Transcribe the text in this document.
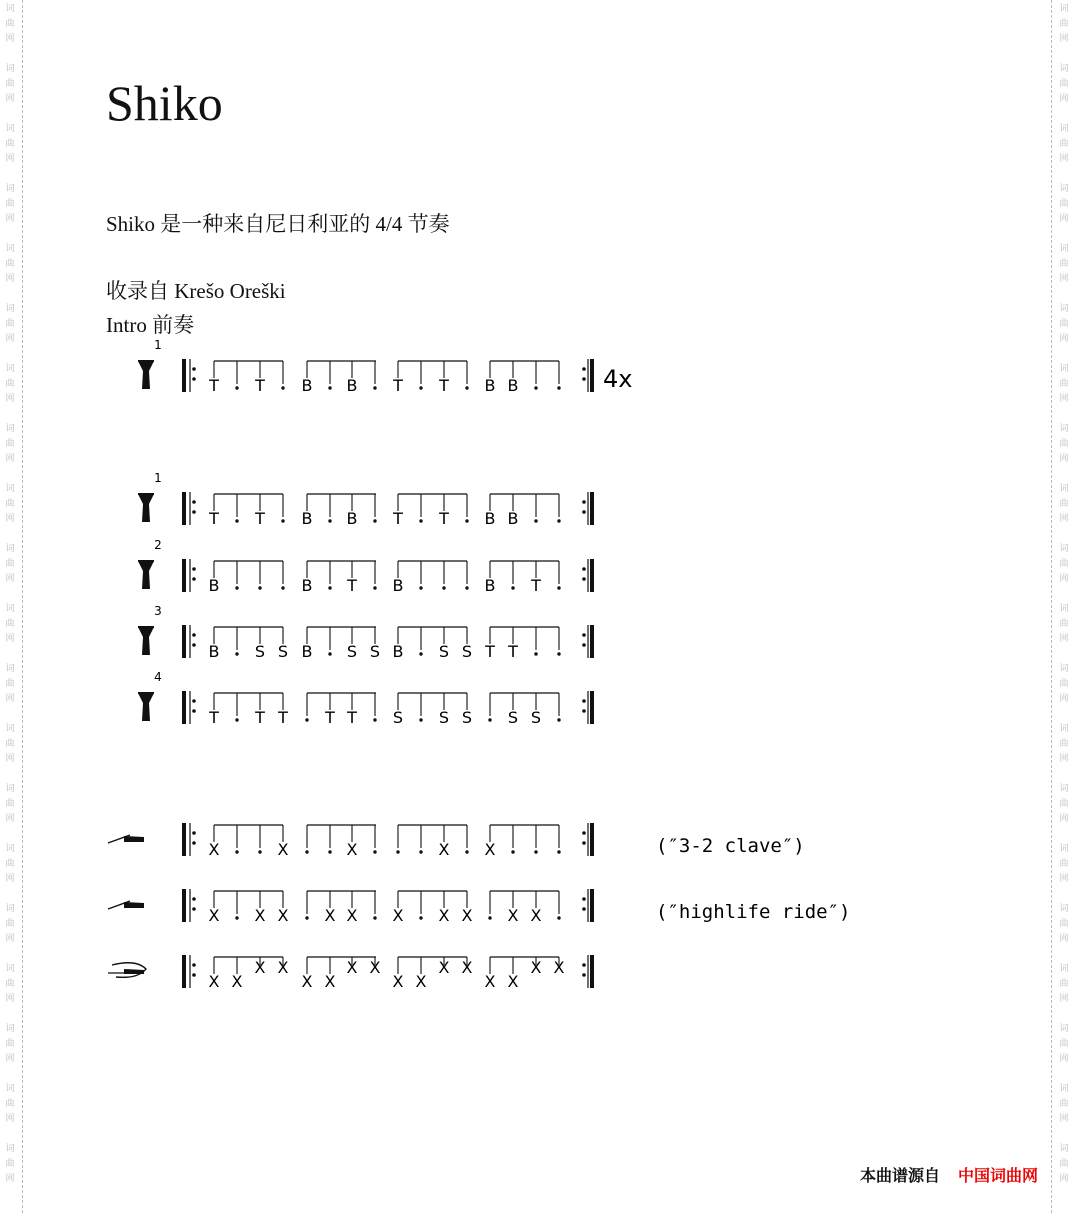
词
曲
网
词
曲
网
词
曲
网
词
曲
网
词
曲
网
词
曲
网
词
曲
网
词
曲
网
词
曲
网
词
曲
网
词
曲
网
词
曲
网
词
曲
网
词
曲
网
词
曲
网
词
曲
网
词
曲
网
词
曲
网
词
曲
网
词
曲
网
词
曲
网
词
曲
网
词
曲
网
词
曲
网
词
曲
网
词
曲
网
词
曲
网
词
曲
网
词
曲
网
词
曲
网
词
曲
网
词
曲
网
词
曲
网
词
曲
网
词
曲
网
词
曲
网
词
曲
网
词
曲
网
词
曲
网
词
曲
网
Shiko
Shiko 是一种来自尼日利亚的 4/4 节奏
收录自 Krešo Oreški
Intro 前奏
1
T T B B T T B B	4x
1
T T B B T T B B
2
B	B T B	B T
3
B S S B S S B S S T T
4
T T T T T S S S S S
X	X	X	X X	(″3-2 clave″)
X X X X X X X X X X	(″highlife ride″)
X X
X X
X X
X X
X X
X X
X X
X X
本曲谱源自 中国词曲网
